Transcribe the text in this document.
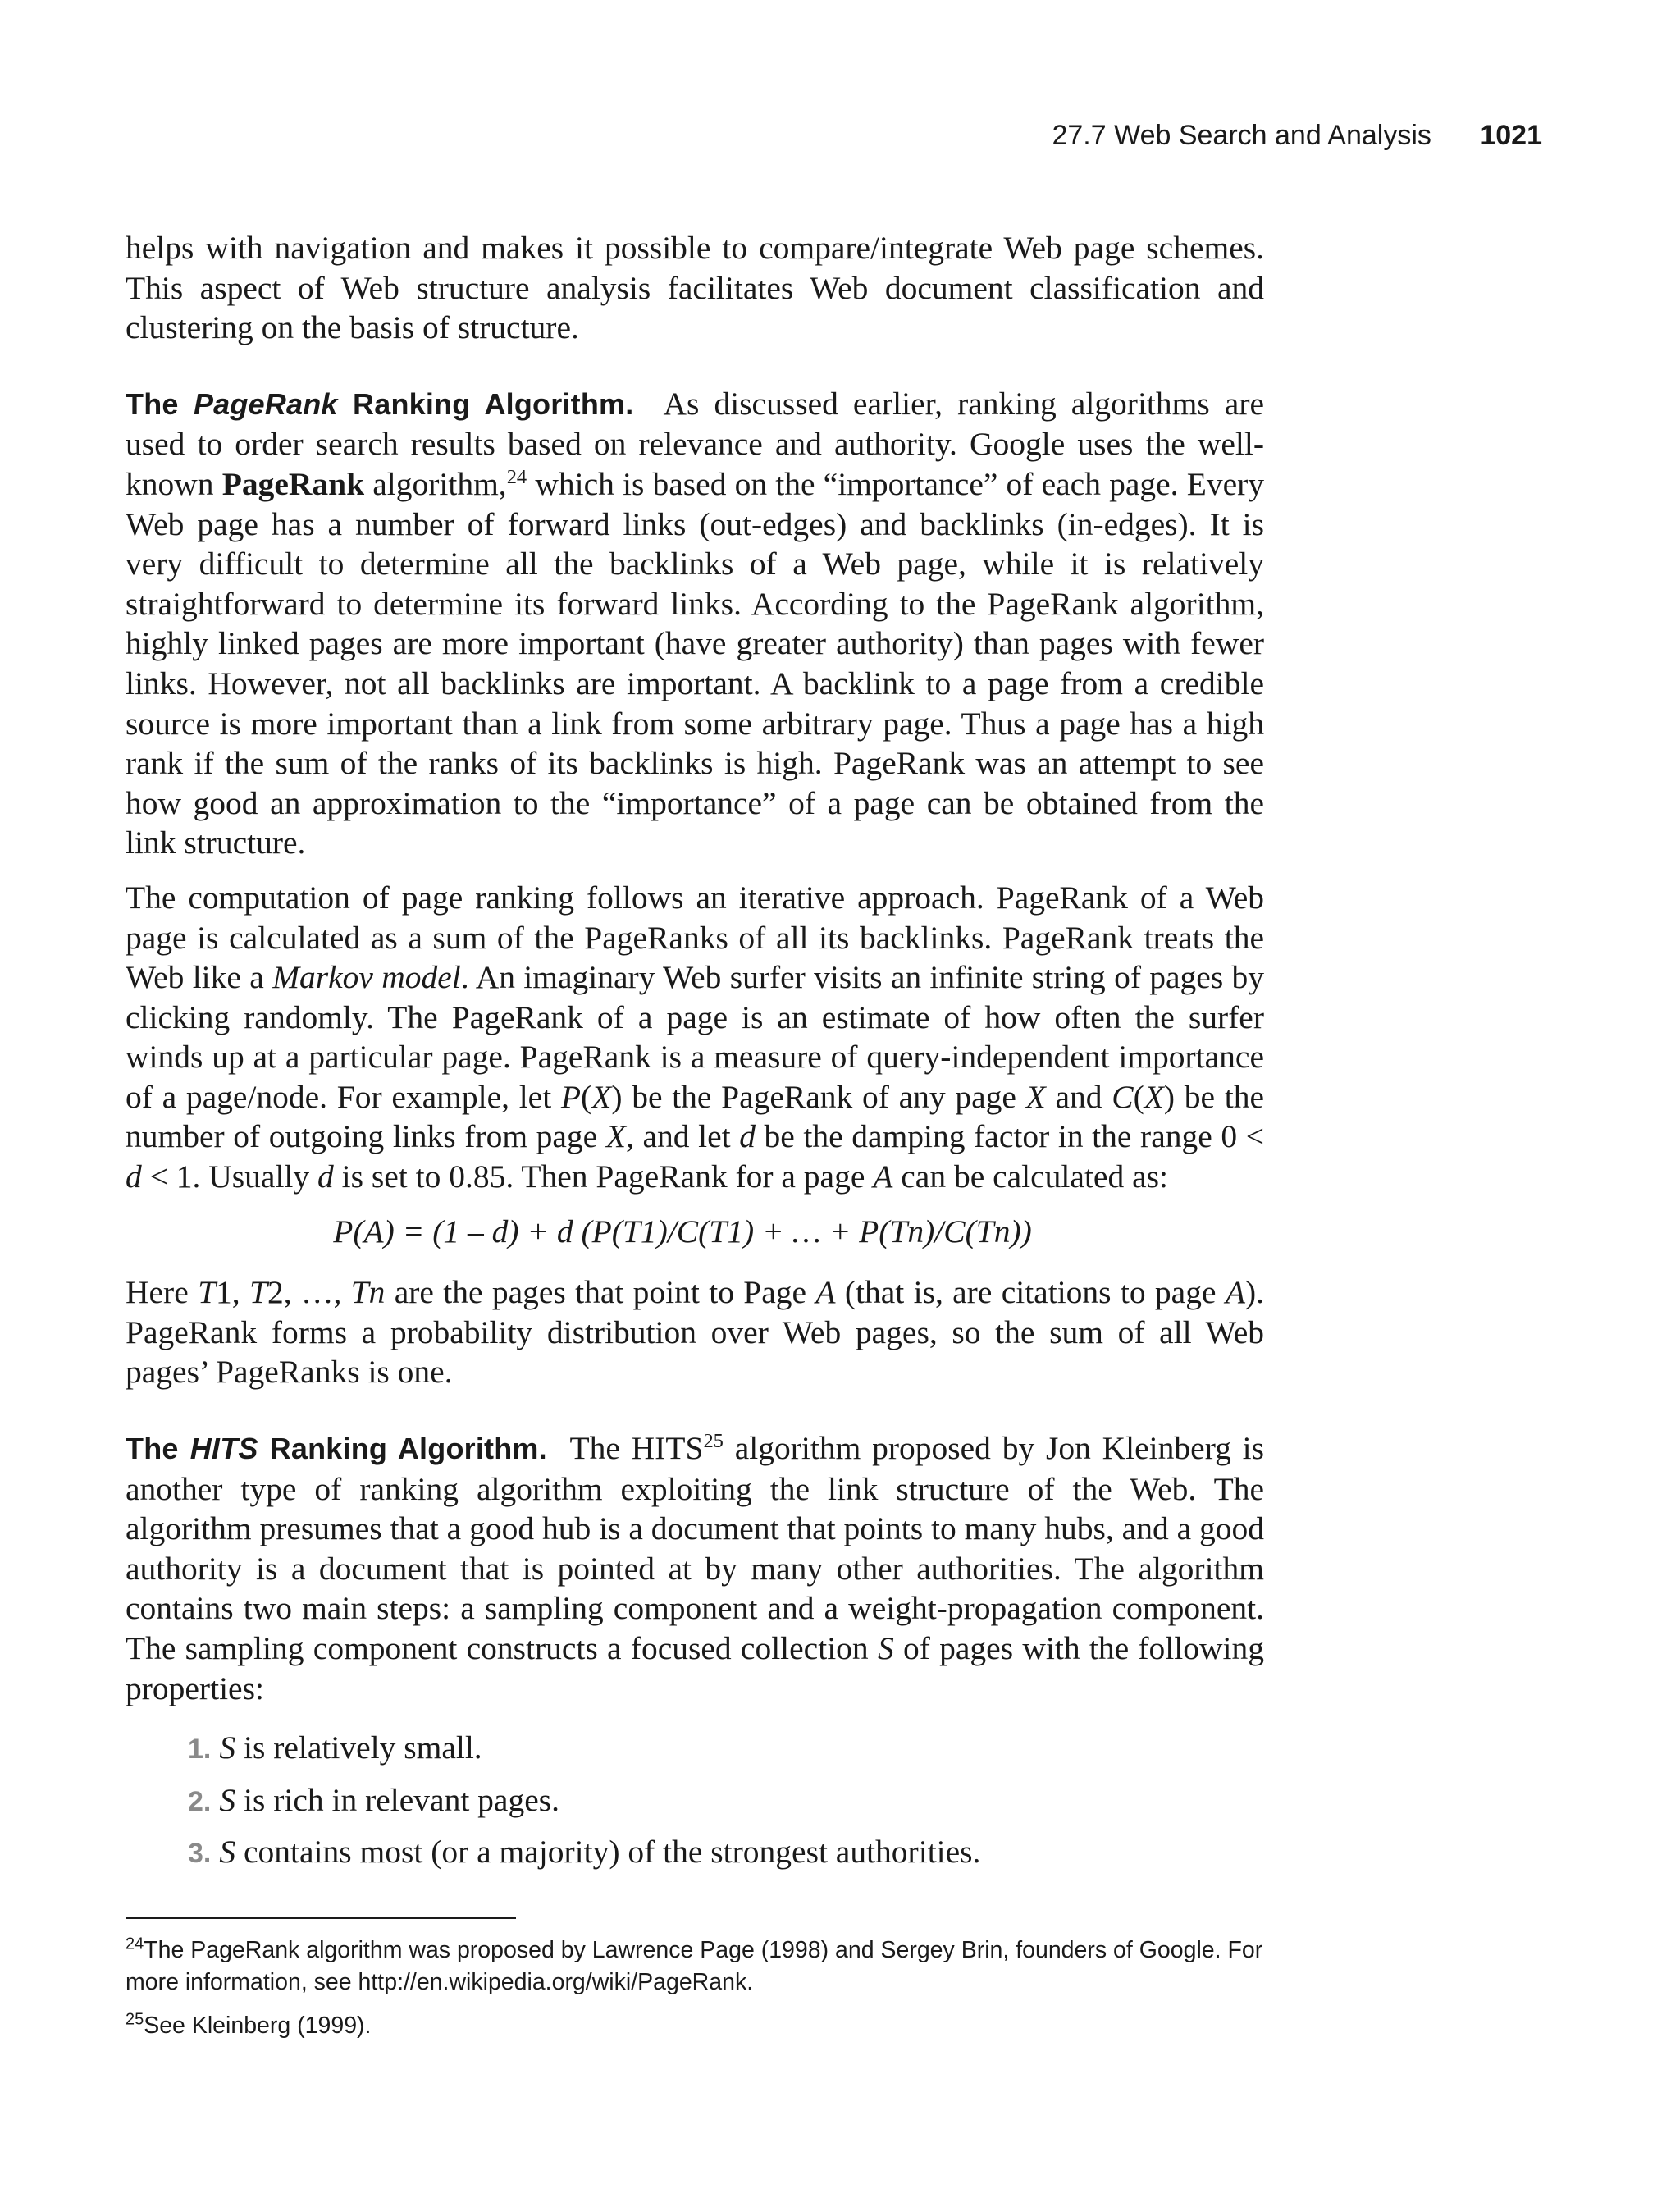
27.7 Web Search and Analysis 1021

helps with navigation and makes it possible to compare/integrate Web page schemes. This aspect of Web structure analysis facilitates Web document classification and clustering on the basis of structure.

The PageRank Ranking Algorithm. As discussed earlier, ranking algorithms are used to order search results based on relevance and authority. Google uses the well-known PageRank algorithm,$^{24}$ which is based on the “importance” of each page. Every Web page has a number of forward links (out-edges) and backlinks (in-edges). It is very difficult to determine all the backlinks of a Web page, while it is relatively straightforward to determine its forward links. According to the PageRank algorithm, highly linked pages are more important (have greater authority) than pages with fewer links. However, not all backlinks are important. A backlink to a page from a credible source is more important than a link from some arbitrary page. Thus a page has a high rank if the sum of the ranks of its backlinks is high. PageRank was an attempt to see how good an approximation to the “importance” of a page can be obtained from the link structure.

The computation of page ranking follows an iterative approach. PageRank of a Web page is calculated as a sum of the PageRanks of all its backlinks. PageRank treats the Web like a Markov model. An imaginary Web surfer visits an infinite string of pages by clicking randomly. The PageRank of a page is an estimate of how often the surfer winds up at a particular page. PageRank is a measure of query-independent importance of a page/node. For example, let P(X) be the PageRank of any page X and C(X) be the number of outgoing links from page X, and let d be the damping factor in the range 0 < d < 1. Usually d is set to 0.85. Then PageRank for a page A can be calculated as:

P(A) = (1 – d) + d (P(T1)/C(T1) + … + P(Tn)/C(Tn))

Here T1, T2, …, Tn are the pages that point to Page A (that is, are citations to page A). PageRank forms a probability distribution over Web pages, so the sum of all Web pages’ PageRanks is one.

The HITS Ranking Algorithm. The HITS$^{25}$ algorithm proposed by Jon Kleinberg is another type of ranking algorithm exploiting the link structure of the Web. The algorithm presumes that a good hub is a document that points to many hubs, and a good authority is a document that is pointed at by many other authorities. The algorithm contains two main steps: a sampling component and a weight-propagation component. The sampling component constructs a focused collection S of pages with the following properties:

1. S is relatively small.
2. S is rich in relevant pages.
3. S contains most (or a majority) of the strongest authorities.

$^{24}$The PageRank algorithm was proposed by Lawrence Page (1998) and Sergey Brin, founders of Google. For more information, see http://en.wikipedia.org/wiki/PageRank.

$^{25}$See Kleinberg (1999).
